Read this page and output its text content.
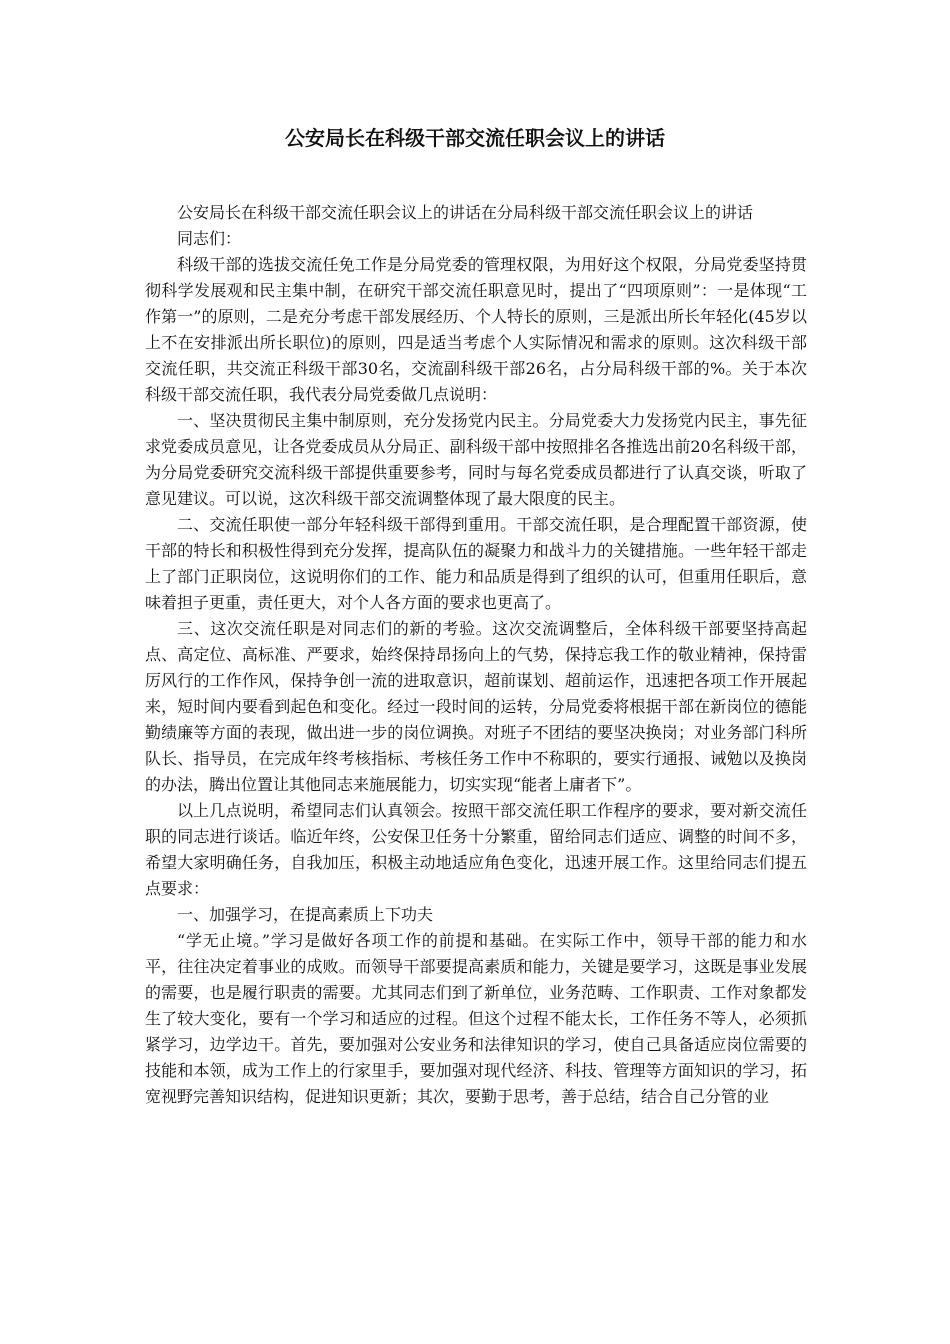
公安局长在科级干部交流任职会议上的讲话

公安局长在科级干部交流任职会议上的讲话在分局科级干部交流任职会议上的讲话

同志们：

科级干部的选拔交流任免工作是分局党委的管理权限，为用好这个权限，分局党委坚持贯彻科学发展观和民主集中制，在研究干部交流任职意见时，提出了“四项原则”：一是体现“工作第一”的原则，二是充分考虑干部发展经历、个人特长的原则，三是派出所长年轻化(45岁以上不在安排派出所长职位)的原则，四是适当考虑个人实际情况和需求的原则。这次科级干部交流任职，共交流正科级干部30名，交流副科级干部26名，占分局科级干部的%。关于本次科级干部交流任职，我代表分局党委做几点说明：

一、坚决贯彻民主集中制原则，充分发扬党内民主。分局党委大力发扬党内民主，事先征求党委成员意见，让各党委成员从分局正、副科级干部中按照排名各推选出前20名科级干部，为分局党委研究交流科级干部提供重要参考，同时与每名党委成员都进行了认真交谈，听取了意见建议。可以说，这次科级干部交流调整体现了最大限度的民主。

二、交流任职使一部分年轻科级干部得到重用。干部交流任职，是合理配置干部资源，使干部的特长和积极性得到充分发挥，提高队伍的凝聚力和战斗力的关键措施。一些年轻干部走上了部门正职岗位，这说明你们的工作、能力和品质是得到了组织的认可，但重用任职后，意味着担子更重，责任更大，对个人各方面的要求也更高了。

三、这次交流任职是对同志们的新的考验。这次交流调整后，全体科级干部要坚持高起点、高定位、高标准、严要求，始终保持昂扬向上的气势，保持忘我工作的敬业精神，保持雷厉风行的工作作风，保持争创一流的进取意识，超前谋划、超前运作，迅速把各项工作开展起来，短时间内要看到起色和变化。经过一段时间的运转，分局党委将根据干部在新岗位的德能勤绩廉等方面的表现，做出进一步的岗位调换。对班子不团结的要坚决换岗；对业务部门科所队长、指导员，在完成年终考核指标、考核任务工作中不称职的，要实行通报、诫勉以及换岗的办法，腾出位置让其他同志来施展能力，切实实现“能者上庸者下”。

以上几点说明，希望同志们认真领会。按照干部交流任职工作程序的要求，要对新交流任职的同志进行谈话。临近年终，公安保卫任务十分繁重，留给同志们适应、调整的时间不多，希望大家明确任务，自我加压，积极主动地适应角色变化，迅速开展工作。这里给同志们提五点要求：

一、加强学习，在提高素质上下功夫

“学无止境。”学习是做好各项工作的前提和基础。在实际工作中，领导干部的能力和水平，往往决定着事业的成败。而领导干部要提高素质和能力，关键是要学习，这既是事业发展的需要，也是履行职责的需要。尤其同志们到了新单位，业务范畴、工作职责、工作对象都发生了较大变化，要有一个学习和适应的过程。但这个过程不能太长，工作任务不等人，必须抓紧学习，边学边干。首先，要加强对公安业务和法律知识的学习，使自己具备适应岗位需要的技能和本领，成为工作上的行家里手，要加强对现代经济、科技、管理等方面知识的学习，拓宽视野完善知识结构，促进知识更新；其次，要勤于思考，善于总结，结合自己分管的业
